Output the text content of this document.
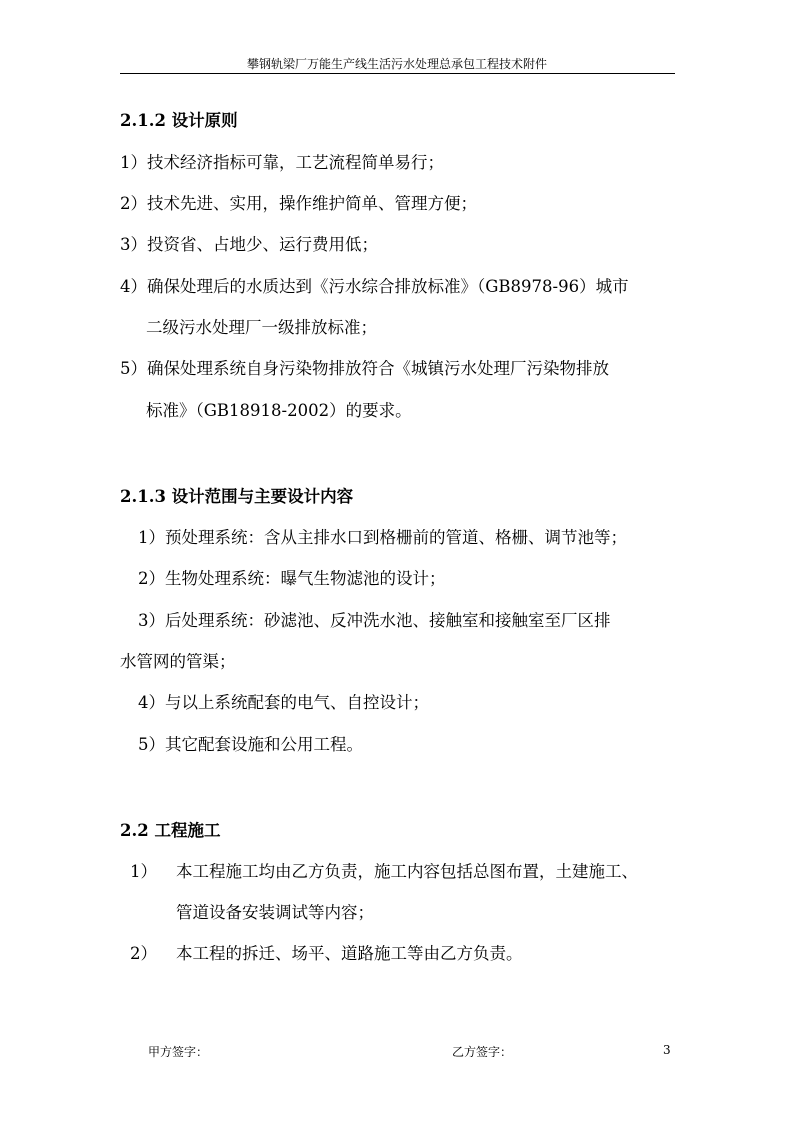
攀钢轨梁厂万能生产线生活污水处理总承包工程技术附件
2.1.2 设计原则
1）技术经济指标可靠，工艺流程简单易行；
2）技术先进、实用，操作维护简单、管理方便；
3）投资省、占地少、运行费用低；
4）确保处理后的水质达到《污水综合排放标准》（GB8978-96）城市
二级污水处理厂一级排放标准；
5）确保处理系统自身污染物排放符合《城镇污水处理厂污染物排放
标准》（GB18918-2002）的要求。
2.1.3 设计范围与主要设计内容
1）预处理系统：含从主排水口到格栅前的管道、格栅、调节池等；
2）生物处理系统：曝气生物滤池的设计；
3）后处理系统：砂滤池、反冲洗水池、接触室和接触室至厂区排
水管网的管渠；
4）与以上系统配套的电气、自控设计；
5）其它配套设施和公用工程。
2.2 工程施工
1） 本工程施工均由乙方负责，施工内容包括总图布置，土建施工、
管道设备安装调试等内容；
2） 本工程的拆迁、场平、道路施工等由乙方负责。
甲方签字：	乙方签字：	3
